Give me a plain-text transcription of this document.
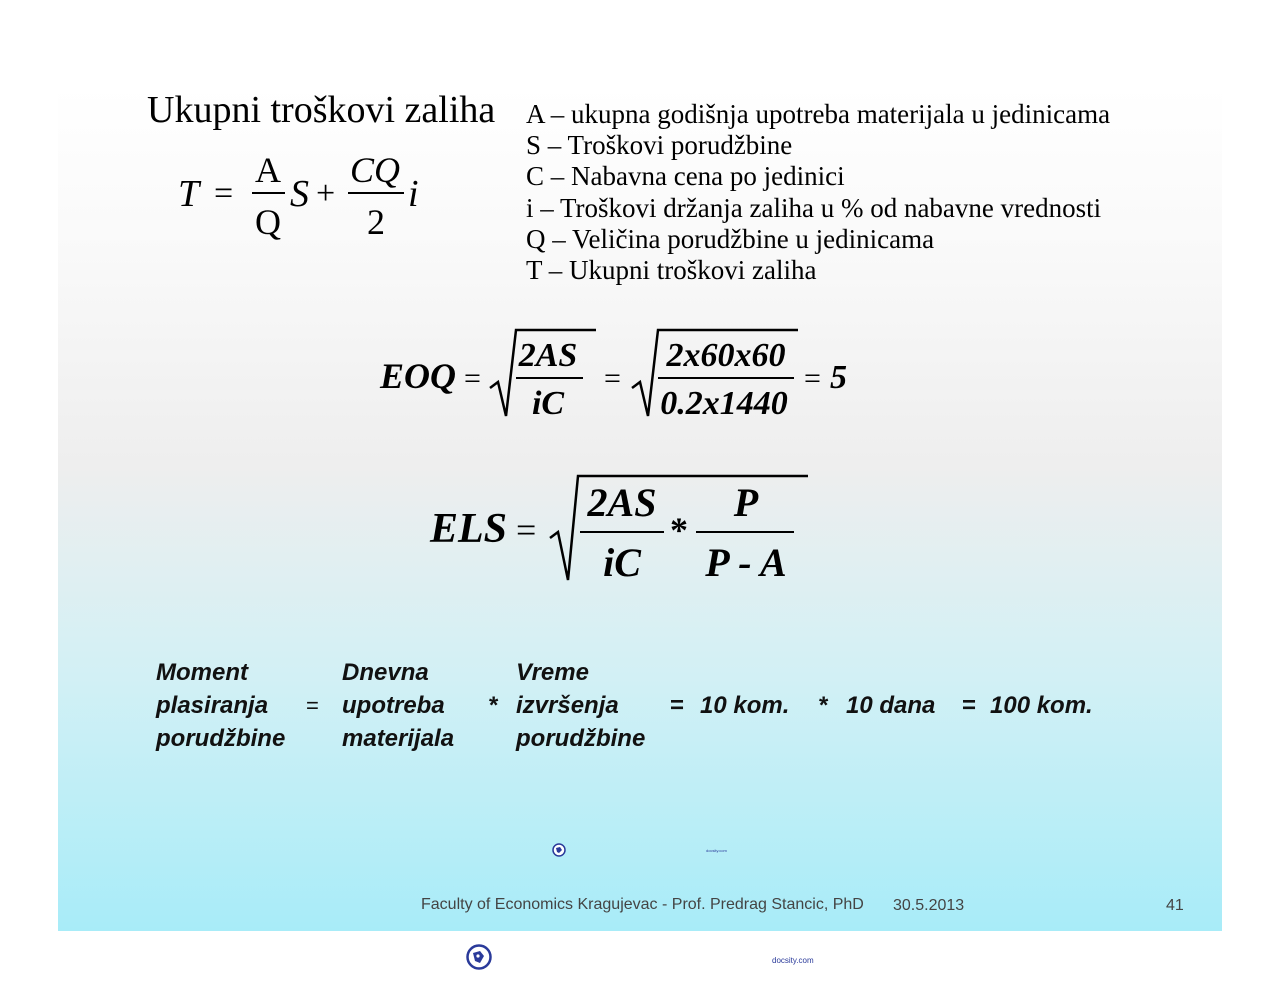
Ukupni troškovi zaliha A – ukupna godišnja upotreba materijala u jedinicama
S – Troškovi porudžbine
C – Nabavna cena po jedinici
i – Troškovi držanja zaliha u % od nabavne vrednosti
Q – Veličina porudžbine u jedinicama
T – Ukupni troškovi zaliha
T =
A
Q
S +
CQ
2
i
EOQ =
2AS
iC
=
2x60x60
0.2x1440
= 5
ELS =
2AS
iC
*
P
P - A
Moment
plasiranja
porudžbine
=
Dnevna
upotreba
materijala
*
Vreme
izvršenja
porudžbine
= 10 kom. * 10 dana = 100 kom.
docsity.com
Faculty of Economics Kragujevac - Prof. Predrag Stancic, PhD 30.5.2013	41
docsity.com
